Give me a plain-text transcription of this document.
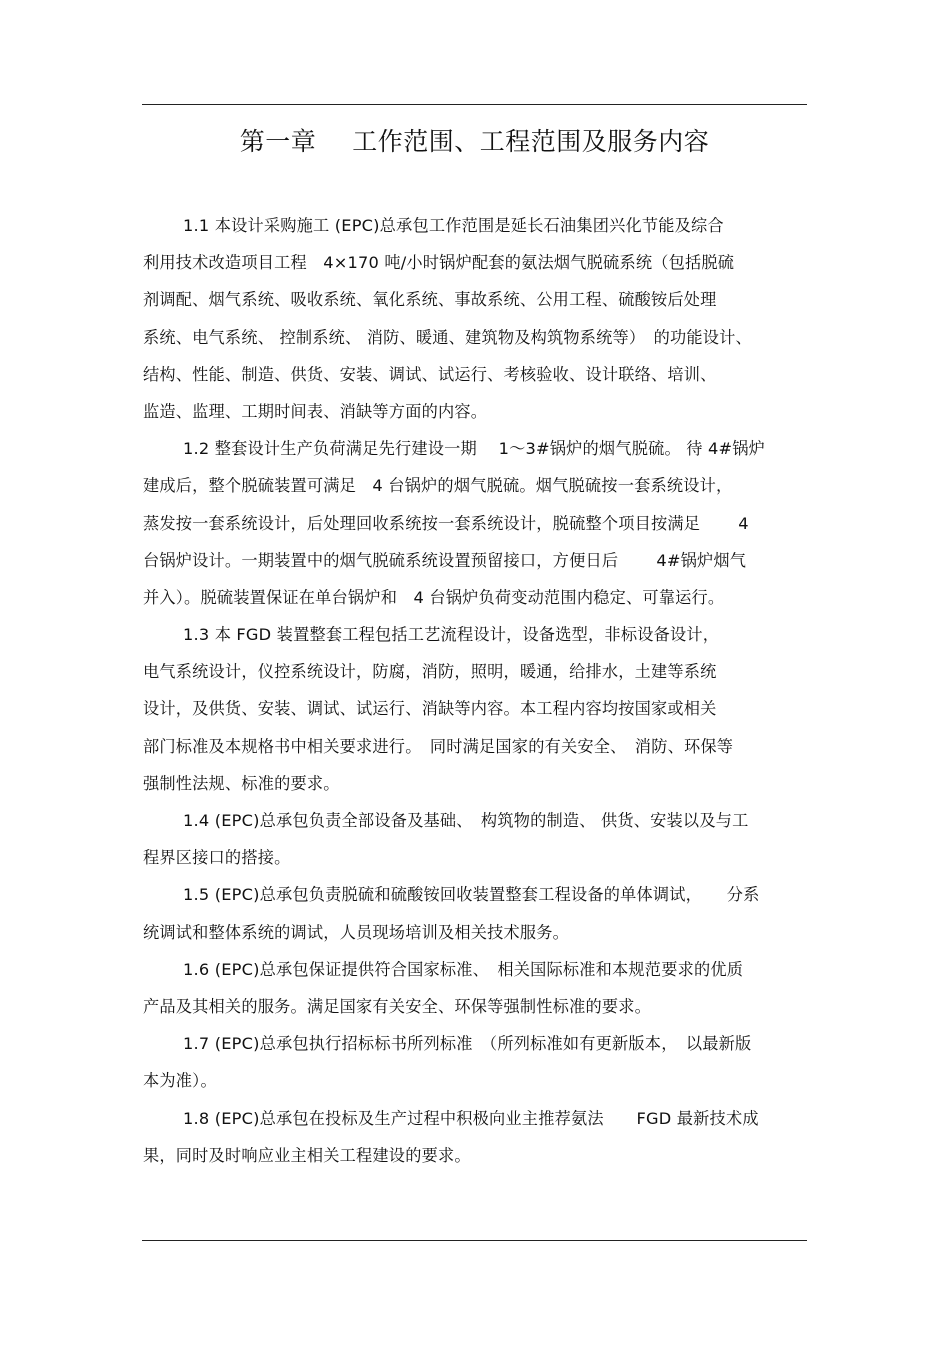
第一章 工作范围、工程范围及服务内容
1.1 本设计采购施工 (EPC)总承包工作范围是延长石油集团兴化节能及综合
利用技术改造项目工程　4×170 吨/小时锅炉配套的氨法烟气脱硫系统（包括脱硫
剂调配、烟气系统、吸收系统、氧化系统、事故系统、公用工程、硫酸铵后处理
系统、电气系统、 控制系统、 消防、暖通、建筑物及构筑物系统等）　的功能设计、
结构、性能、制造、供货、安装、调试、试运行、考核验收、设计联络、培训、
监造、监理、工期时间表、消缺等方面的内容。
1.2 整套设计生产负荷满足先行建设一期　 1～3#锅炉的烟气脱硫。 待 4#锅炉
建成后，整个脱硫装置可满足　4 台锅炉的烟气脱硫。烟气脱硫按一套系统设计，
蒸发按一套系统设计，后处理回收系统按一套系统设计，脱硫整个项目按满足　　 4
台锅炉设计。一期装置中的烟气脱硫系统设置预留接口，方便日后　　 4#锅炉烟气
并入）。脱硫装置保证在单台锅炉和　4 台锅炉负荷变动范围内稳定、可靠运行。
1.3 本 FGD 装置整套工程包括工艺流程设计，设备选型，非标设备设计，
电气系统设计，仪控系统设计，防腐，消防，照明，暖通，给排水，土建等系统
设计，及供货、安装、调试、试运行、消缺等内容。本工程内容均按国家或相关
部门标准及本规格书中相关要求进行。　同时满足国家的有关安全、　消防、环保等
强制性法规、标准的要求。
1.4 (EPC)总承包负责全部设备及基础、　构筑物的制造、 供货、安装以及与工
程界区接口的搭接。
1.5 (EPC)总承包负责脱硫和硫酸铵回收装置整套工程设备的单体调试，　　分系
统调试和整体系统的调试，人员现场培训及相关技术服务。
1.6 (EPC)总承包保证提供符合国家标准、　相关国际标准和本规范要求的优质
产品及其相关的服务。满足国家有关安全、环保等强制性标准的要求。
1.7 (EPC)总承包执行招标标书所列标准　（所列标准如有更新版本，　以最新版
本为准）。
1.8 (EPC)总承包在投标及生产过程中积极向业主推荐氨法　　FGD 最新技术成
果，同时及时响应业主相关工程建设的要求。
